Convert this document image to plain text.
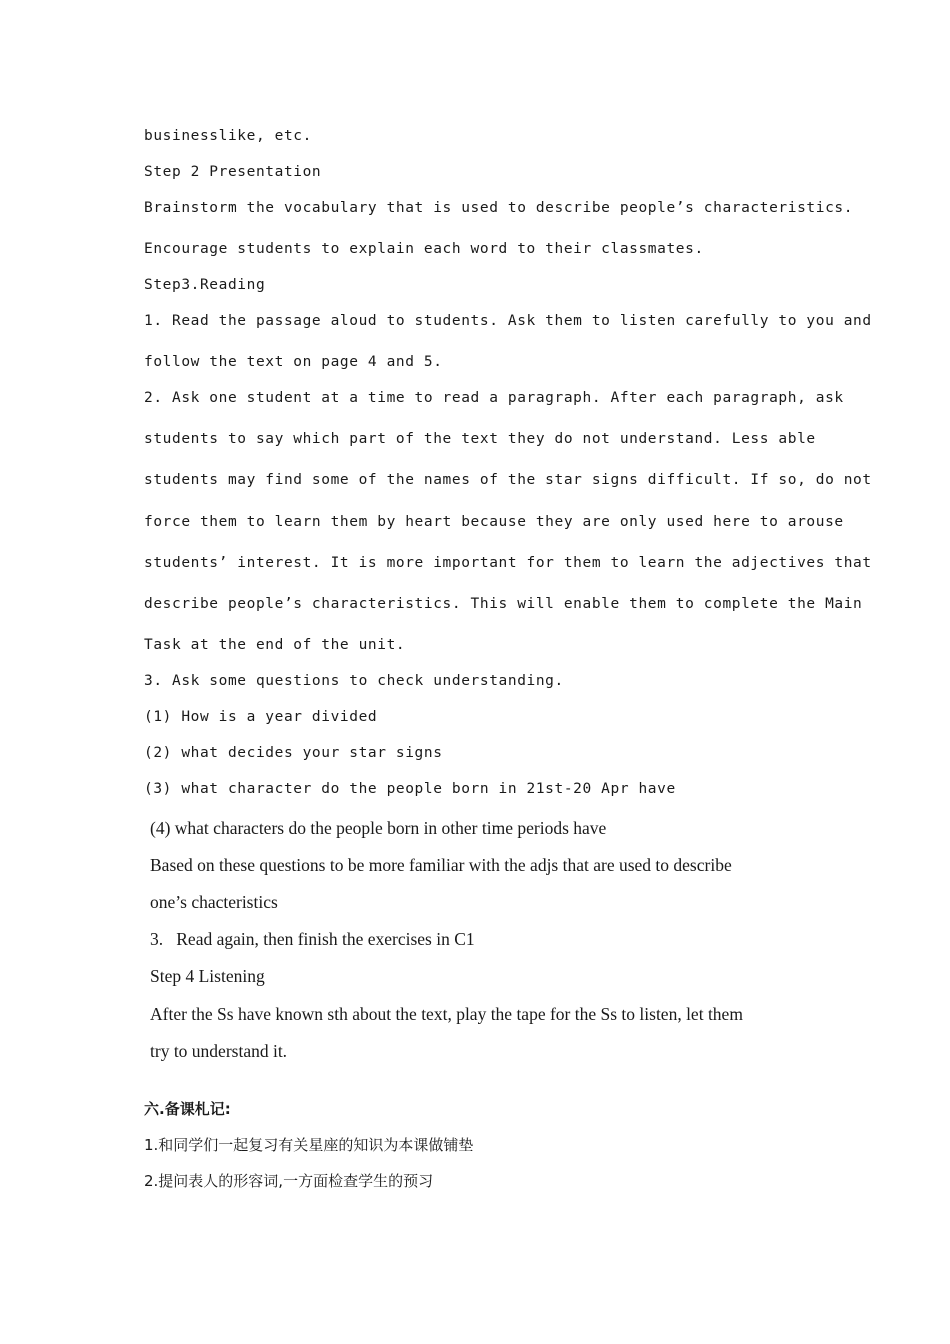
businesslike, etc.
Step 2 Presentation
Brainstorm the vocabulary that is used to describe people’s characteristics.
Encourage students to explain each word to their classmates.
Step3.Reading
1. Read the passage aloud to students. Ask them to listen carefully to you and
follow the text on page 4 and 5.
2. Ask one student at a time to read a paragraph. After each paragraph, ask
students to say which part of the text they do not understand. Less able
students may find some of the names of the star signs difficult. If so, do not
force them to learn them by heart because they are only used here to arouse
students’ interest. It is more important for them to learn the adjectives that
describe people’s characteristics. This will enable them to complete the Main
Task at the end of the unit.
3. Ask some questions to check understanding.
(1) How is a year divided
(2) what decides your star signs
(3) what character do the people born in 21st-20 Apr have
(4) what characters do the people born in other time periods have
Based on these questions to be more familiar with the adjs that are used to describe
one’s chacteristics
3.   Read again, then finish the exercises in C1
Step 4 Listening
After the Ss have known sth about the text, play the tape for the Ss to listen, let them
try to understand it.
六.备课札记:
1.和同学们一起复习有关星座的知识为本课做铺垫
2.提问表人的形容词,一方面检查学生的预习
